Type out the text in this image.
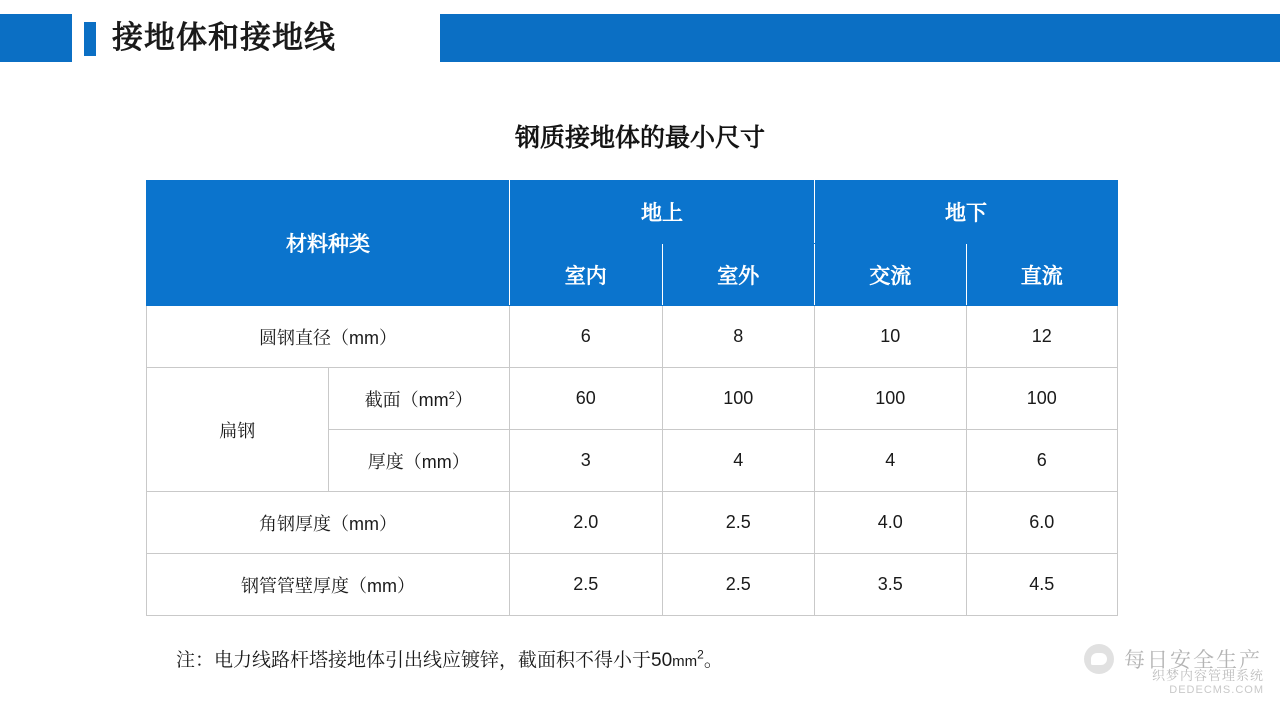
接地体和接地线
钢质接地体的最小尺寸
材料种类		地上		地下	
		室内	室外	交流	直流
圆钢直径（mm）		6	8	10	12
扁钢	截面$(mm^2)$	60	100	100	100
	厚度（mm）	3	4	4	6
角钢厚度（mm）		2.0	2.5	4.0	6.0
钢管管壁厚度（mm）		2.5	2.5	3.5	4.5
注：电力线路杆塔接地体引出线应镀锌，截面积不得小于$50mm^2$。	每日安全生产
织梦内容管理系统
DEDECMS.COM
